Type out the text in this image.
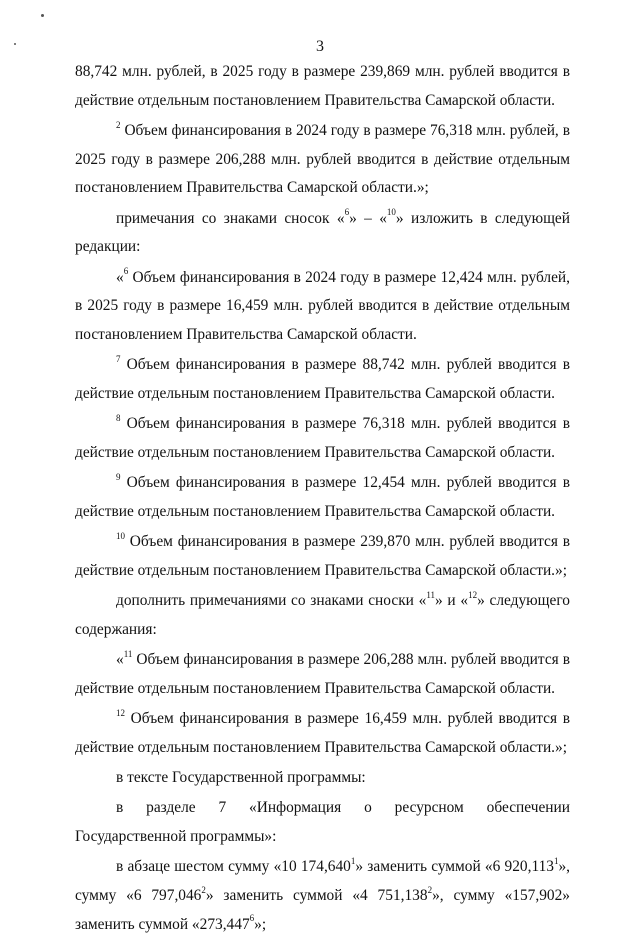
3

88,742 млн. рублей, в 2025 году в размере 239,869 млн. рублей вводится в действие отдельным постановлением Правительства Самарской области.

$^2$ Объем финансирования в 2024 году в размере 76,318 млн. рублей, в 2025 году в размере 206,288 млн. рублей вводится в действие отдельным постановлением Правительства Самарской области.»;

примечания со знаками сносок «$^6$» – «$^{10}$» изложить в следующей редакции:

«$^6$ Объем финансирования в 2024 году в размере 12,424 млн. рублей, в 2025 году в размере 16,459 млн. рублей вводится в действие отдельным постановлением Правительства Самарской области.

$^7$ Объем финансирования в размере 88,742 млн. рублей вводится в действие отдельным постановлением Правительства Самарской области.

$^8$ Объем финансирования в размере 76,318 млн. рублей вводится в действие отдельным постановлением Правительства Самарской области.

$^9$ Объем финансирования в размере 12,454 млн. рублей вводится в действие отдельным постановлением Правительства Самарской области.

$^{10}$ Объем финансирования в размере 239,870 млн. рублей вводится в действие отдельным постановлением Правительства Самарской области.»;

дополнить примечаниями со знаками сноски «$^{11}$» и «$^{12}$» следующего содержания:

«$^{11}$ Объем финансирования в размере 206,288 млн. рублей вводится в действие отдельным постановлением Правительства Самарской области.

$^{12}$ Объем финансирования в размере 16,459 млн. рублей вводится в действие отдельным постановлением Правительства Самарской области.»;

в тексте Государственной программы:

в разделе 7 «Информация о ресурсном обеспечении Государственной программы»:

в абзаце шестом сумму «10 174,640$^1$» заменить суммой «6 920,113$^1$», сумму «6 797,046$^2$» заменить суммой «4 751,138$^2$», сумму «157,902» заменить суммой «273,447$^6$»;
